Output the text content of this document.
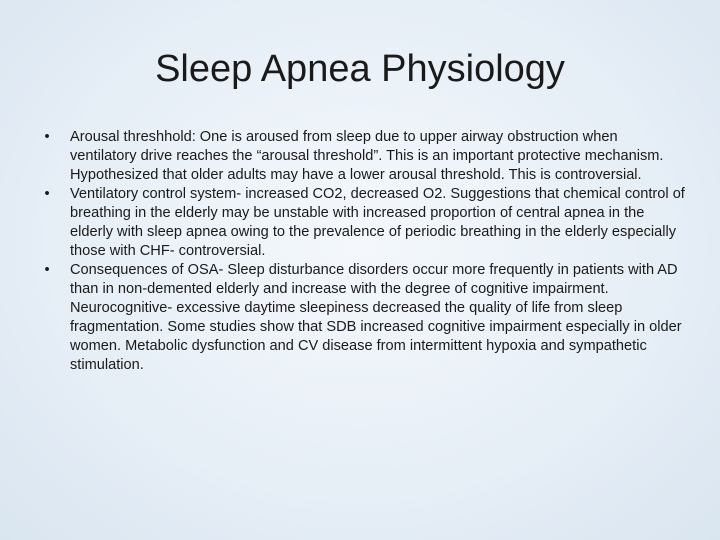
Sleep Apnea Physiology
•	Arousal threshhold: One is aroused from sleep due to upper airway obstruction when ventilatory drive reaches the “arousal threshold”. This is an important protective mechanism. Hypothesized that older adults may have a lower arousal threshold. This is controversial.
•	Ventilatory control system- increased CO2, decreased O2. Suggestions that chemical control of breathing in the elderly may be unstable with increased proportion of central apnea in the elderly with sleep apnea owing to the prevalence of periodic breathing in the elderly especially those with CHF- controversial.
•	Consequences of OSA- Sleep disturbance disorders occur more frequently in patients with AD than in non-demented elderly and increase with the degree of cognitive impairment. Neurocognitive- excessive daytime sleepiness decreased the quality of life from sleep fragmentation. Some studies show that SDB increased cognitive impairment especially in older women. Metabolic dysfunction and CV disease from intermittent hypoxia and sympathetic stimulation.
